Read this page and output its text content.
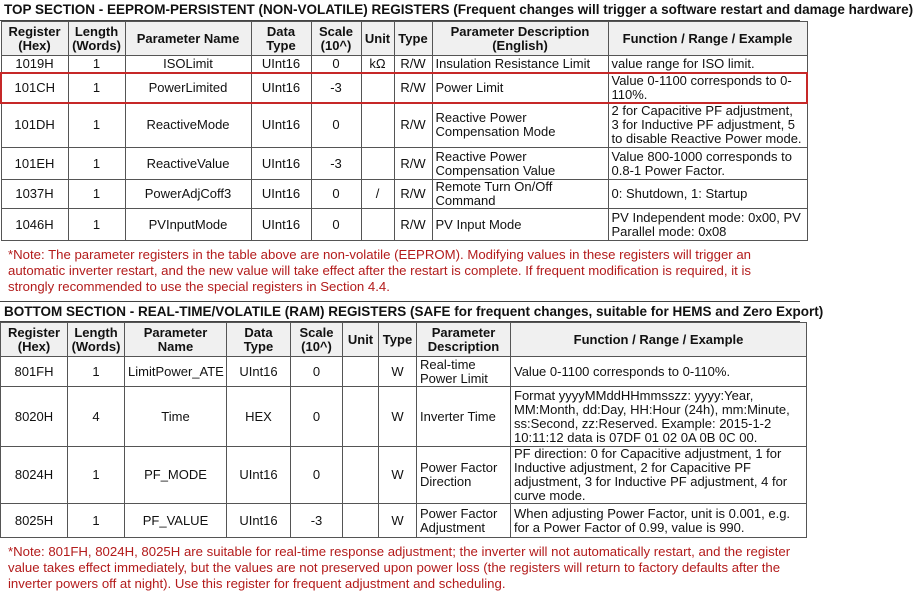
TOP SECTION - EEPROM-PERSISTENT (NON-VOLATILE) REGISTERS (Frequent changes will trigger a software restart and damage hardware)
Register (Hex)	Length (Words)	Parameter Name	Data Type	Scale (10^)	Unit	Type	Parameter Description (English)	Function / Range / Example
1019H	1	ISOLimit	UInt16	0	kΩ	R/W	Insulation Resistance Limit	value range for ISO limit.
101CH	1	PowerLimited	UInt16	-3		R/W	Power Limit	Value 0-1100 corresponds to 0-110%.
101DH	1	ReactiveMode	UInt16	0		R/W	Reactive Power Compensation Mode	2 for Capacitive PF adjustment, 3 for Inductive PF adjustment, 5 to disable Reactive Power mode.
101EH	1	ReactiveValue	UInt16	-3		R/W	Reactive Power Compensation Value	Value 800-1000 corresponds to 0.8-1 Power Factor.
1037H	1	PowerAdjCoff3	UInt16	0	/	R/W	Remote Turn On/Off Command	0: Shutdown, 1: Startup
1046H	1	PVInputMode	UInt16	0		R/W	PV Input Mode	PV Independent mode: 0x00, PV Parallel mode: 0x08
*Note: The parameter registers in the table above are non-volatile (EEPROM). Modifying values in these registers will trigger an automatic inverter restart, and the new value will take effect after the restart is complete. If frequent modification is required, it is strongly recommended to use the special registers in Section 4.4.
BOTTOM SECTION - REAL-TIME/VOLATILE (RAM) REGISTERS (SAFE for frequent changes, suitable for HEMS and Zero Export)
Register (Hex)	Length (Words)	Parameter Name	Data Type	Scale (10^)	Unit	Type	Parameter Description	Function / Range / Example
801FH	1	LimitPower_ATE	UInt16	0		W	Real-time Power Limit	Value 0-1100 corresponds to 0-110%.
8020H	4	Time	HEX	0		W	Inverter Time	Format yyyyMMddHHmmsszz: yyyy:Year, MM:Month, dd:Day, HH:Hour (24h), mm:Minute, ss:Second, zz:Reserved. Example: 2015-1-2 10:11:12 data is 07DF 01 02 0A 0B 0C 00.
8024H	1	PF_MODE	UInt16	0		W	Power Factor Direction	PF direction: 0 for Capacitive adjustment, 1 for Inductive adjustment, 2 for Capacitive PF adjustment, 3 for Inductive PF adjustment, 4 for curve mode.
8025H	1	PF_VALUE	UInt16	-3		W	Power Factor Adjustment	When adjusting Power Factor, unit is 0.001, e.g. for a Power Factor of 0.99, value is 990.
*Note: 801FH, 8024H, 8025H are suitable for real-time response adjustment; the inverter will not automatically restart, and the register value takes effect immediately, but the values are not preserved upon power loss (the registers will return to factory defaults after the inverter powers off at night). Use this register for frequent adjustment and scheduling.
